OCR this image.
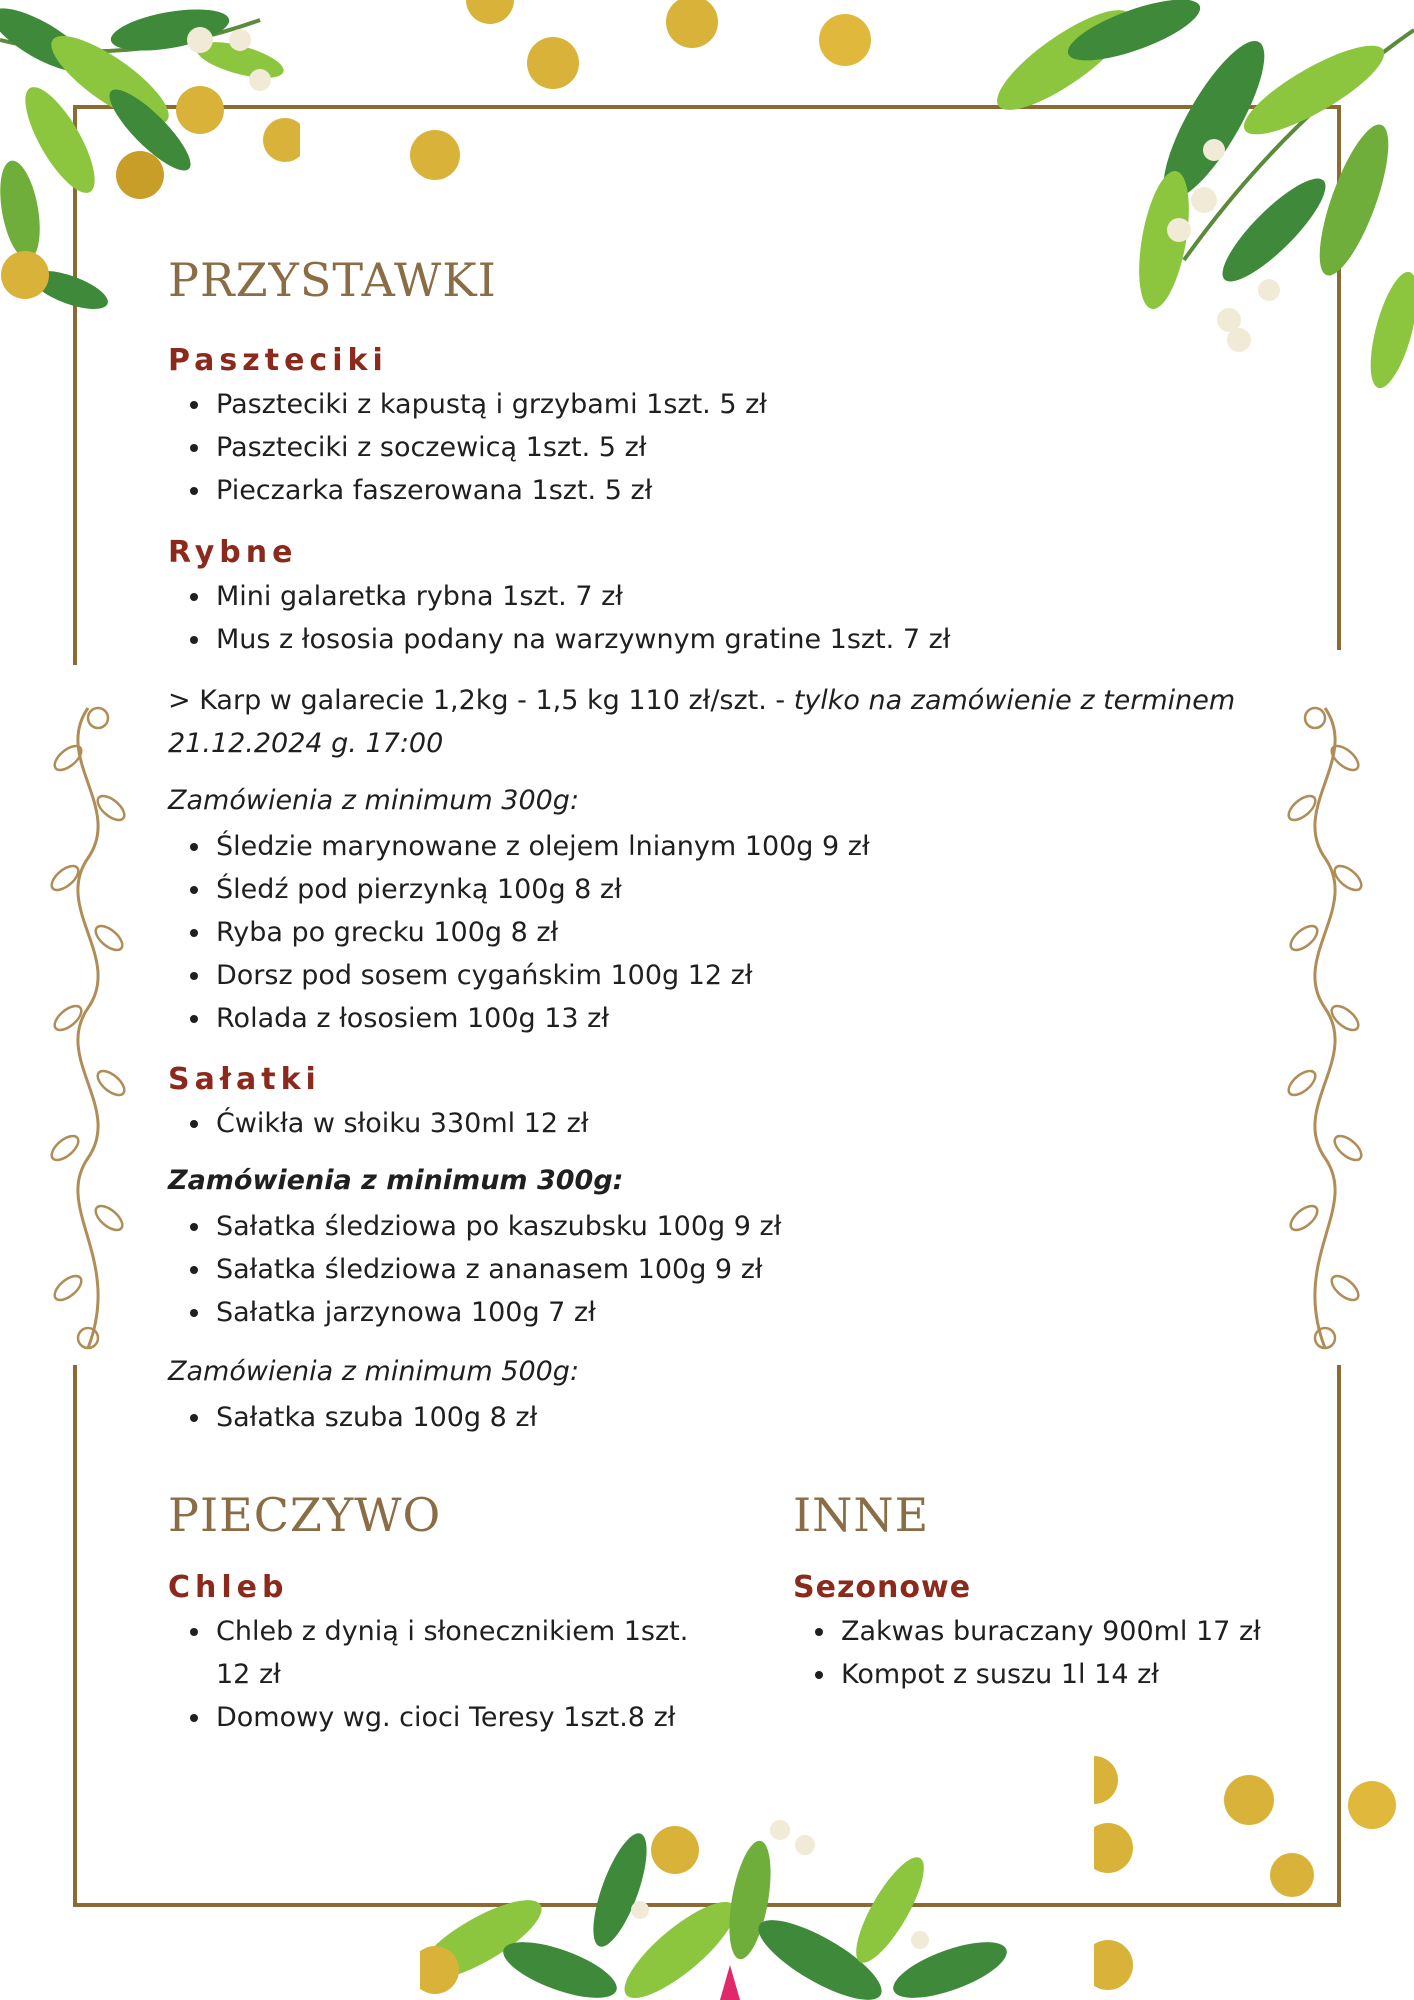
PRZYSTAWKI
Paszteciki
Paszteciki z kapustą i grzybami 1szt. 5 zł
Paszteciki z soczewicą 1szt. 5 zł
Pieczarka faszerowana 1szt. 5 zł
Rybne
Mini galaretka rybna 1szt. 7 zł
Mus z łososia podany na warzywnym gratine 1szt. 7 zł

> Karp w galarecie 1,2kg - 1,5 kg 110 zł/szt. - tylko na zamówienie z terminem 21.12.2024 g. 17:00

Zamówienia z minimum 300g:

Śledzie marynowane z olejem lnianym 100g 9 zł
Śledź pod pierzynką 100g 8 zł
Ryba po grecku 100g 8 zł
Dorsz pod sosem cygańskim 100g 12 zł
Rolada z łososiem 100g 13 zł
Sałatki
Ćwikła w słoiku 330ml 12 zł

Zamówienia z minimum 300g:

Sałatka śledziowa po kaszubsku 100g 9 zł
Sałatka śledziowa z ananasem 100g 9 zł
Sałatka jarzynowa 100g 7 zł

Zamówienia z minimum 500g:

Sałatka szuba 100g 8 zł
PIECZYWO
Chleb
Chleb z dynią i słonecznikiem 1szt. 12 zł
Domowy wg. cioci Teresy 1szt.8 zł
INNE
Sezonowe
Zakwas buraczany 900ml 17 zł
Kompot z suszu 1l 14 zł
